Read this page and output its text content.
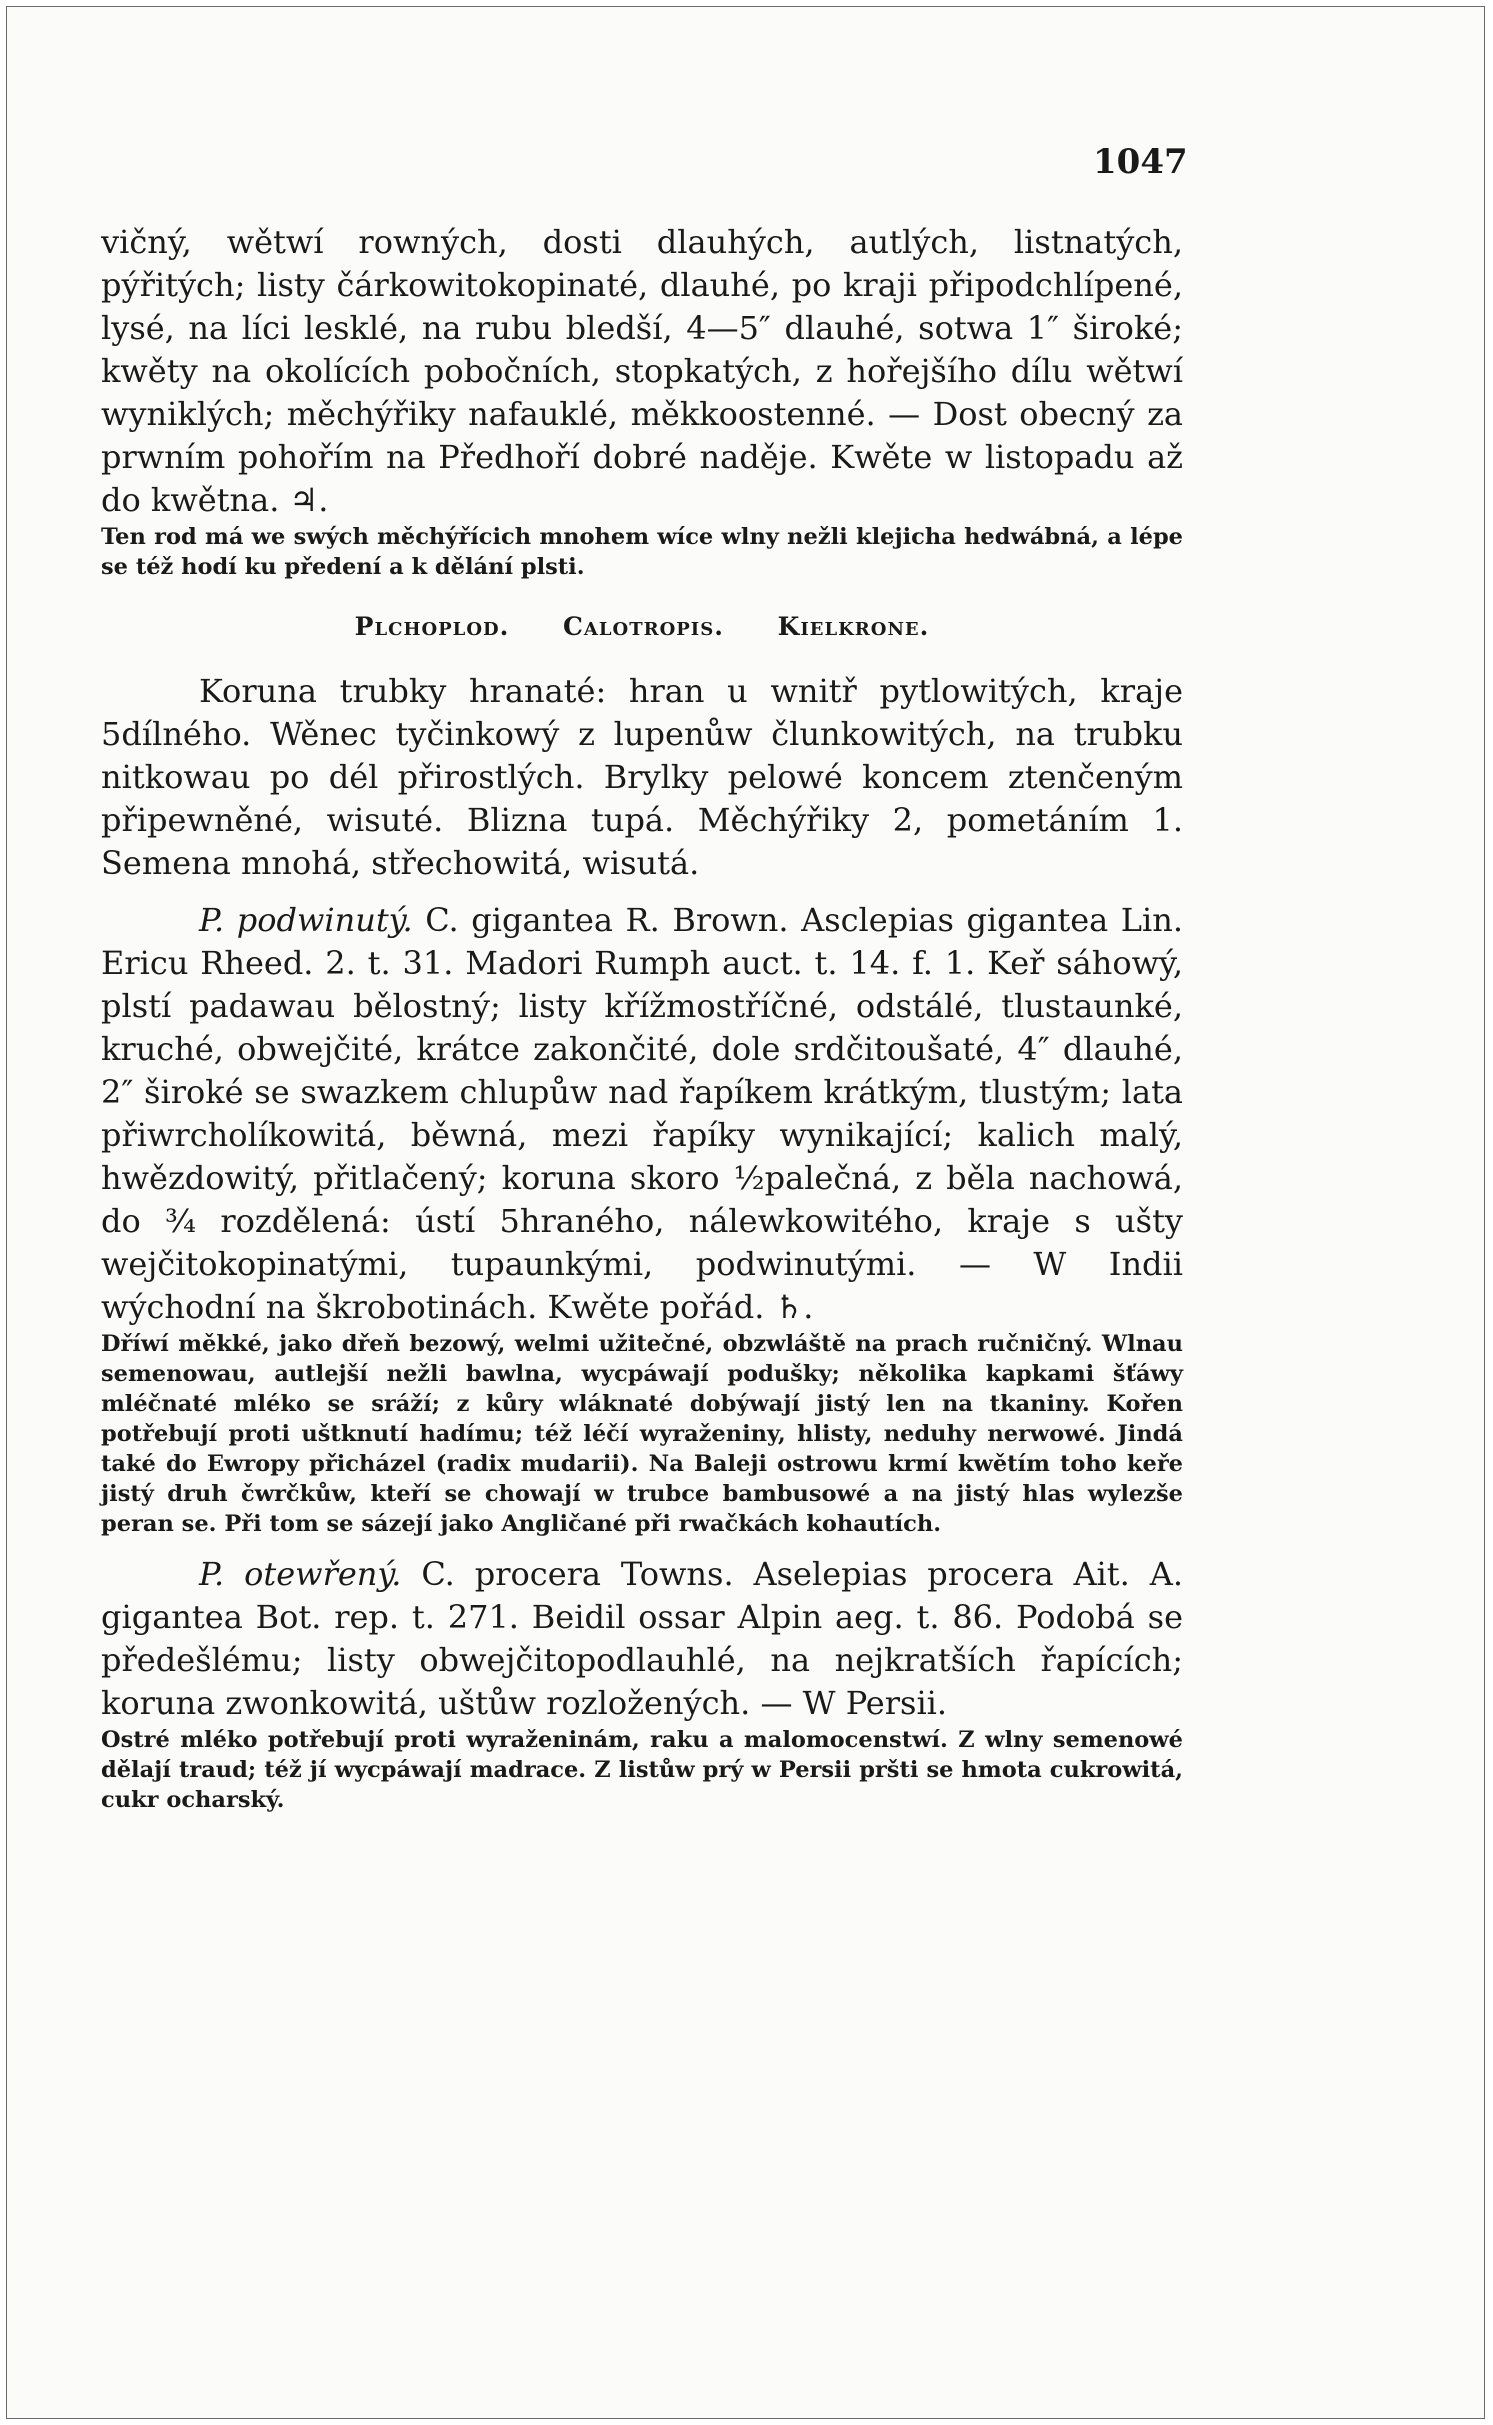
1047

vičný, wětwí rowných, dosti dlauhých, autlých, listnatých, pýřitých; listy čárkowitokopinaté, dlauhé, po kraji připodchlípené, lysé, na líci lesklé, na rubu bledší, 4—5″ dlauhé, sotwa 1″ široké; kwěty na okolících pobočních, stopkatých, z hořejšího dílu wětwí wyniklých; měchýřiky nafauklé, měkkoostenné. — Dost obecný za prwním pohořím na Předhoří dobré naděje. Kwěte w listopadu až do kwětna. ♃.

Ten rod má we swých měchýřícich mnohem wíce wlny nežli klejicha hedwábná, a lépe se též hodí ku předení a k dělání plsti.

Plchoplod. Calotropis. Kielkrone.

Koruna trubky hranaté: hran u wnitř pytlowitých, kraje 5dílného. Wěnec tyčinkowý z lupenůw člunkowitých, na trubku nitkowau po dél přirostlých. Brylky pelowé koncem ztenčeným připewněné, wisuté. Blizna tupá. Měchýřiky 2, pometáním 1. Semena mnohá, střechowitá, wisutá.

P. podwinutý. C. gigantea R. Brown. Asclepias gigantea Lin. Ericu Rheed. 2. t. 31. Madori Rumph auct. t. 14. f. 1. Keř sáhowý, plstí padawau bělostný; listy křížmostříčné, odstálé, tlustaunké, kruché, obwejčité, krátce zakončité, dole srdčitoušaté, 4″ dlauhé, 2″ široké se swazkem chlupůw nad řapíkem krátkým, tlustým; lata přiwrcholíkowitá, běwná, mezi řapíky wynikající; kalich malý, hwězdowitý, přitlačený; koruna skoro ½palečná, z běla nachowá, do ¾ rozdělená: ústí 5hraného, nálewkowitého, kraje s ušty wejčitokopinatými, tupaunkými, podwinutými. — W Indii wýchodní na škrobotinách. Kwěte pořád. ♄.

Dříwí měkké, jako dřeň bezowý, welmi užitečné, obzwláště na prach ručničný. Wlnau semenowau, autlejší nežli bawlna, wycpáwají podušky; několika kapkami šťáwy mléčnaté mléko se sráží; z kůry wláknaté dobýwají jistý len na tkaniny. Kořen potřebují proti uštknutí hadímu; též léčí wyraženiny, hlisty, neduhy nerwowé. Jindá také do Ewropy přicházel (radix mudarii). Na Baleji ostrowu krmí kwětím toho keře jistý druh čwrčkůw, kteří se chowají w trubce bambusowé a na jistý hlas wylezše peran se. Při tom se sázejí jako Angličané při rwačkách kohautích.

P. otewřený. C. procera Towns. Aselepias procera Ait. A. gigantea Bot. rep. t. 271. Beidil ossar Alpin aeg. t. 86. Podobá se předešlému; listy obwejčitopodlauhlé, na nejkratších řapících; koruna zwonkowitá, uštůw rozložených. — W Persii.

Ostré mléko potřebují proti wyraženinám, raku a malomocenstwí. Z wlny semenowé dělají traud; též jí wycpáwají madrace. Z listůw prý w Persii pršti se hmota cukrowitá, cukr ocharský.
